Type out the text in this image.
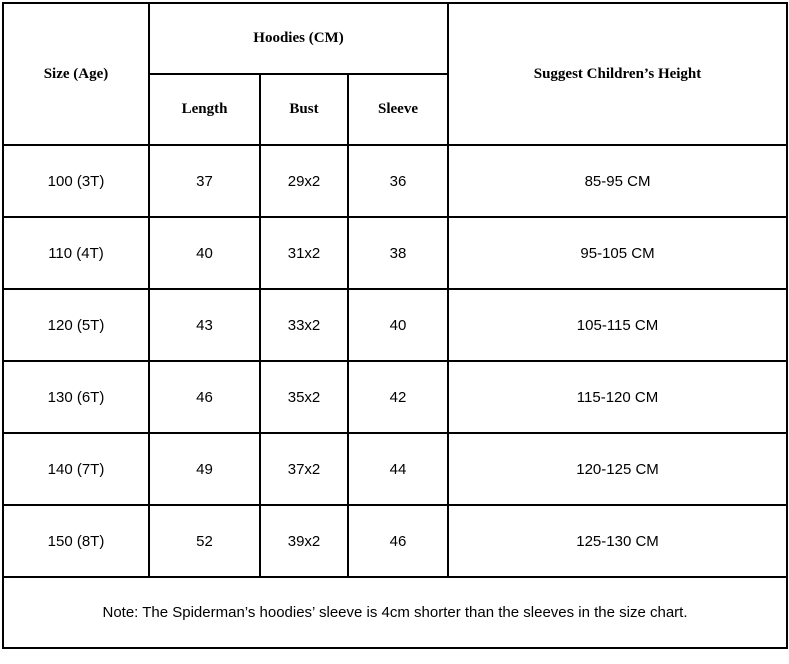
Size (Age)	Hoodies (CM)			Suggest Children’s Height
	Length	Bust	Sleeve	
100 (3T)	37	29x2	36	85-95 CM
110 (4T)	40	31x2	38	95-105 CM
120 (5T)	43	33x2	40	105-115 CM
130 (6T)	46	35x2	42	115-120 CM
140 (7T)	49	37x2	44	120-125 CM
150 (8T)	52	39x2	46	125-130 CM
Note: The Spiderman’s hoodies’ sleeve is 4cm shorter than the sleeves in the size chart.				
